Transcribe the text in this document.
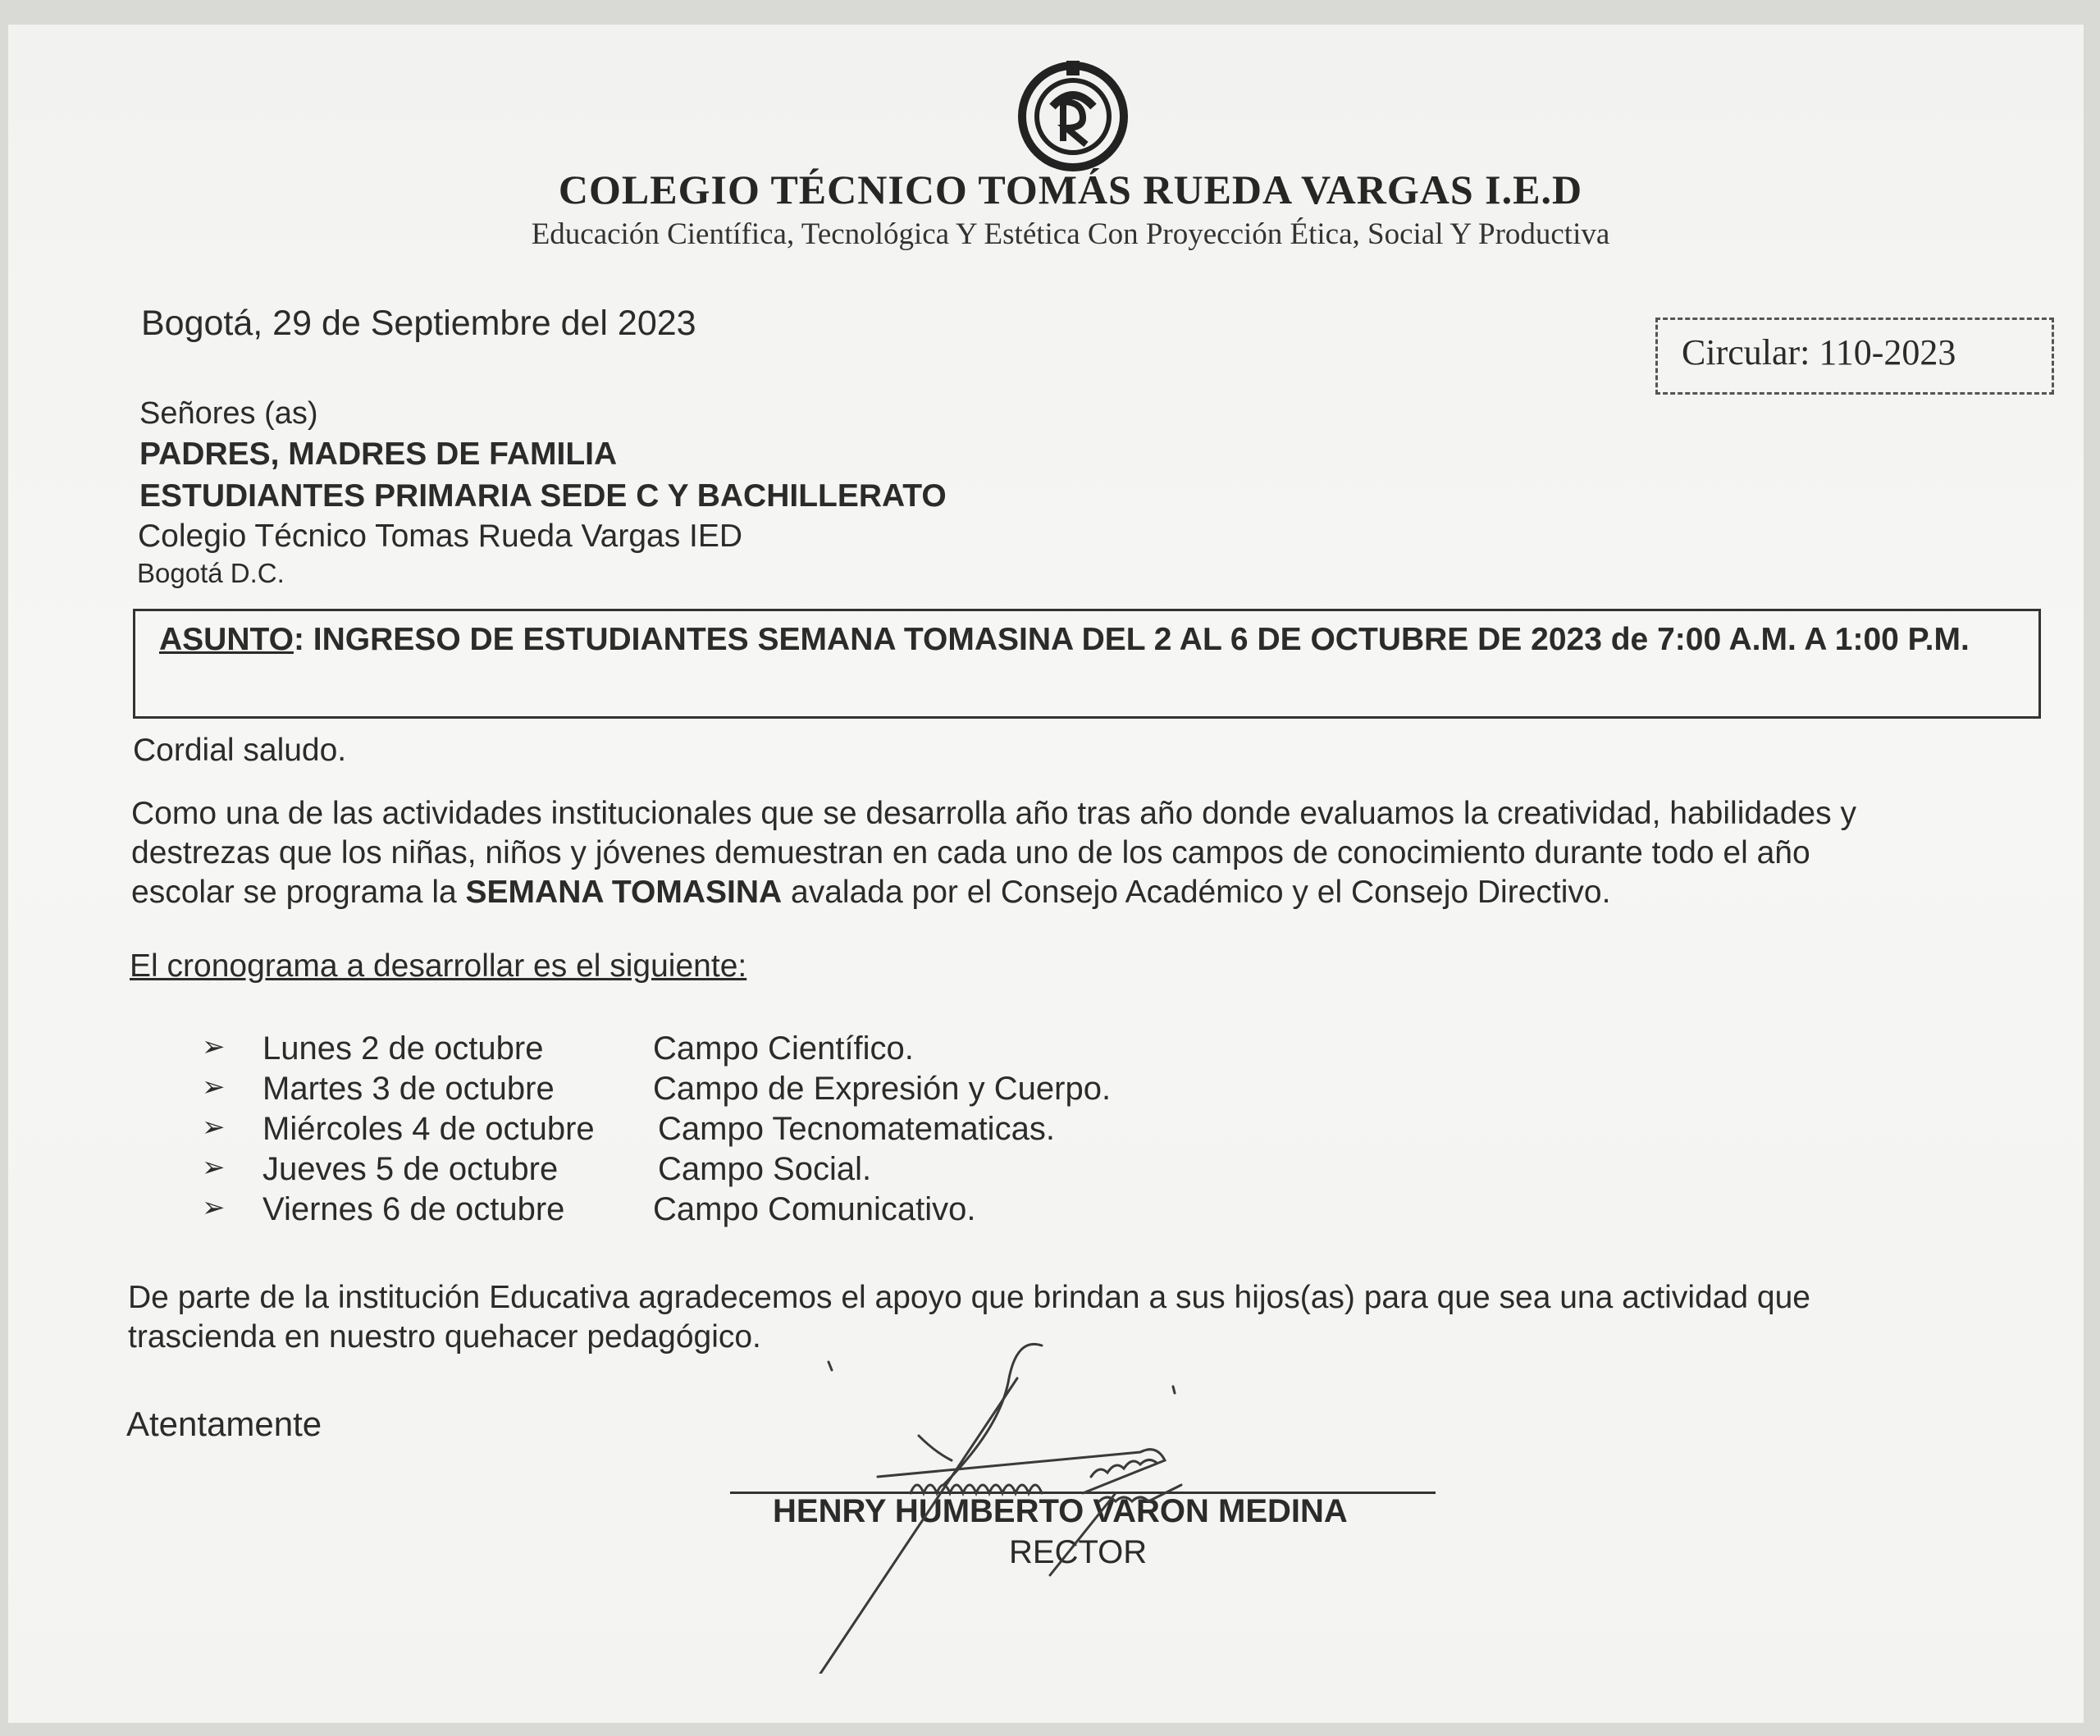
COLEGIO TÉCNICO TOMÁS RUEDA VARGAS I.E.D
Educación Científica, Tecnológica Y Estética Con Proyección Ética, Social Y Productiva
Bogotá, 29 de Septiembre del 2023
Circular: 110-2023
Señores (as)
PADRES, MADRES DE FAMILIA
ESTUDIANTES PRIMARIA SEDE C Y BACHILLERATO
Colegio Técnico Tomas Rueda Vargas IED
Bogotá D.C.
ASUNTO: INGRESO DE ESTUDIANTES SEMANA TOMASINA DEL 2 AL 6 DE OCTUBRE DE 2023 de 7:00 A.M. A 1:00 P.M.
Cordial saludo.
Como una de las actividades institucionales que se desarrolla año tras año donde evaluamos la creatividad, habilidades y
destrezas que los niñas, niños y jóvenes demuestran en cada uno de los campos de conocimiento durante todo el año
escolar se programa la SEMANA TOMASINA avalada por el Consejo Académico y el Consejo Directivo.
El cronograma a desarrollar es el siguiente:
➢ Lunes 2 de octubre	Campo Científico.
➢ Martes 3 de octubre	Campo de Expresión y Cuerpo.
➢ Miércoles 4 de octubre Campo Tecnomatematicas.
➢ Jueves 5 de octubre	Campo Social.
➢ Viernes 6 de octubre	Campo Comunicativo.
De parte de la institución Educativa agradecemos el apoyo que brindan a sus hijos(as) para que sea una actividad que
trascienda en nuestro quehacer pedagógico.
Atentamente
HENRY HUMBERTO VARON MEDINA
RECTOR
